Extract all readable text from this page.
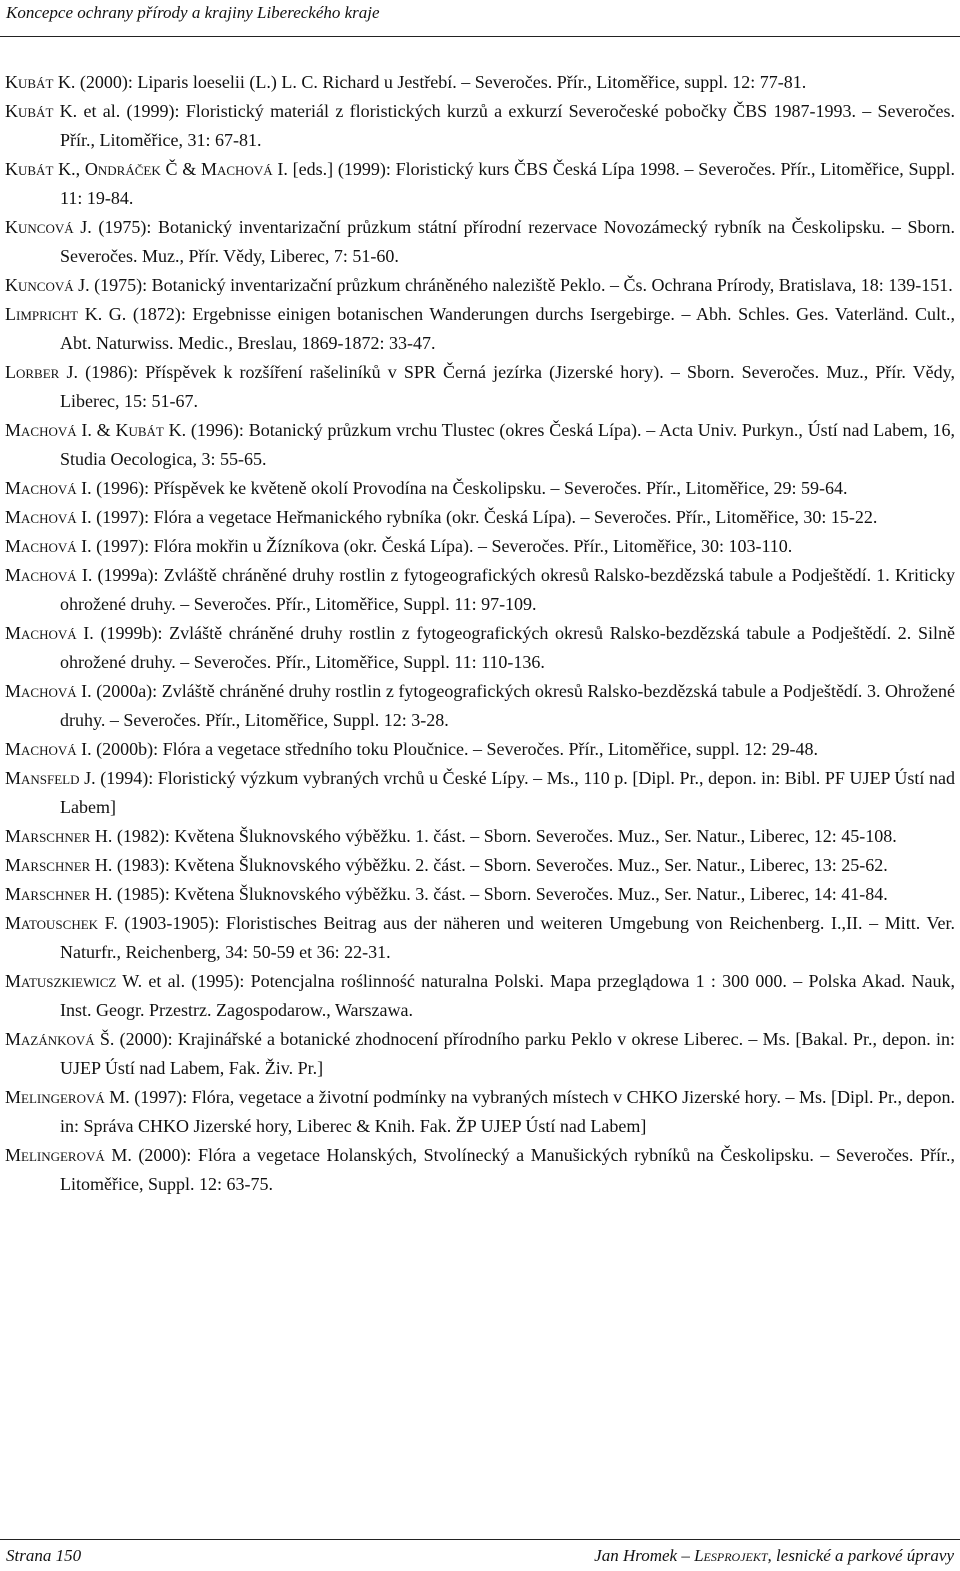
Koncepce ochrany přírody a krajiny Libereckého kraje

Kubát K. (2000): Liparis loeselii (L.) L. C. Richard u Jestřebí. – Severočes. Přír., Litoměřice, suppl. 12: 77-81.

Kubát K. et al. (1999): Floristický materiál z floristických kurzů a exkurzí Severočeské pobočky ČBS 1987-1993. – Severočes. Přír., Litoměřice, 31: 67-81.

Kubát K., Ondráček Č & Machová I. [eds.] (1999): Floristický kurs ČBS Česká Lípa 1998. – Severočes. Přír., Litoměřice, Suppl. 11: 19-84.

Kuncová J. (1975): Botanický inventarizační průzkum státní přírodní rezervace Novozámecký rybník na Českolipsku. – Sborn. Severočes. Muz., Přír. Vědy, Liberec, 7: 51-60.

Kuncová J. (1975): Botanický inventarizační průzkum chráněného naleziště Peklo. – Čs. Ochrana Prírody, Bratislava, 18: 139-151.

Limpricht K. G. (1872): Ergebnisse einigen botanischen Wanderungen durchs Isergebirge. – Abh. Schles. Ges. Vaterländ. Cult., Abt. Naturwiss. Medic., Breslau, 1869-1872: 33-47.

Lorber J. (1986): Příspěvek k rozšíření rašeliníků v SPR Černá jezírka (Jizerské hory). – Sborn. Severočes. Muz., Přír. Vědy, Liberec, 15: 51-67.

Machová I. & Kubát K. (1996): Botanický průzkum vrchu Tlustec (okres Česká Lípa). – Acta Univ. Purkyn., Ústí nad Labem, 16, Studia Oecologica, 3: 55-65.

Machová I. (1996): Příspěvek ke květeně okolí Provodína na Českolipsku. – Severočes. Přír., Litoměřice, 29: 59-64.

Machová I. (1997): Flóra a vegetace Heřmanického rybníka (okr. Česká Lípa). – Severočes. Přír., Litoměřice, 30: 15-22.

Machová I. (1997): Flóra mokřin u Žízníkova (okr. Česká Lípa). – Severočes. Přír., Litoměřice, 30: 103-110.

Machová I. (1999a): Zvláště chráněné druhy rostlin z fytogeografických okresů Ralsko-bezdězská tabule a Podještědí. 1. Kriticky ohrožené druhy. – Severočes. Přír., Litoměřice, Suppl. 11: 97-109.

Machová I. (1999b): Zvláště chráněné druhy rostlin z fytogeografických okresů Ralsko-bezdězská tabule a Podještědí. 2. Silně ohrožené druhy. – Severočes. Přír., Litoměřice, Suppl. 11: 110-136.

Machová I. (2000a): Zvláště chráněné druhy rostlin z fytogeografických okresů Ralsko-bezdězská tabule a Podještědí. 3. Ohrožené druhy. – Severočes. Přír., Litoměřice, Suppl. 12: 3-28.

Machová I. (2000b): Flóra a vegetace středního toku Ploučnice. – Severočes. Přír., Litoměřice, suppl. 12: 29-48.

Mansfeld J. (1994): Floristický výzkum vybraných vrchů u České Lípy. – Ms., 110 p. [Dipl. Pr., depon. in: Bibl. PF UJEP Ústí nad Labem]

Marschner H. (1982): Květena Šluknovského výběžku. 1. část. – Sborn. Severočes. Muz., Ser. Natur., Liberec, 12: 45-108.

Marschner H. (1983): Květena Šluknovského výběžku. 2. část. – Sborn. Severočes. Muz., Ser. Natur., Liberec, 13: 25-62.

Marschner H. (1985): Květena Šluknovského výběžku. 3. část. – Sborn. Severočes. Muz., Ser. Natur., Liberec, 14: 41-84.

Matouschek F. (1903-1905): Floristisches Beitrag aus der näheren und weiteren Umgebung von Reichenberg. I.,II. – Mitt. Ver. Naturfr., Reichenberg, 34: 50-59 et 36: 22-31.

Matuszkiewicz W. et al. (1995): Potencjalna roślinność naturalna Polski. Mapa przeglądowa 1 : 300 000. – Polska Akad. Nauk, Inst. Geogr. Przestrz. Zagospodarow., Warszawa.

Mazánková Š. (2000): Krajinářské a botanické zhodnocení přírodního parku Peklo v okrese Liberec. – Ms. [Bakal. Pr., depon. in: UJEP Ústí nad Labem, Fak. Živ. Pr.]

Melingerová M. (1997): Flóra, vegetace a životní podmínky na vybraných místech v CHKO Jizerské hory. – Ms. [Dipl. Pr., depon. in: Správa CHKO Jizerské hory, Liberec & Knih. Fak. ŽP UJEP Ústí nad Labem]

Melingerová M. (2000): Flóra a vegetace Holanských, Stvolínecký a Manušických rybníků na Českolipsku. – Severočes. Přír., Litoměřice, Suppl. 12: 63-75.

Strana 150	Jan Hromek – Lesprojekt, lesnické a parkové úpravy
